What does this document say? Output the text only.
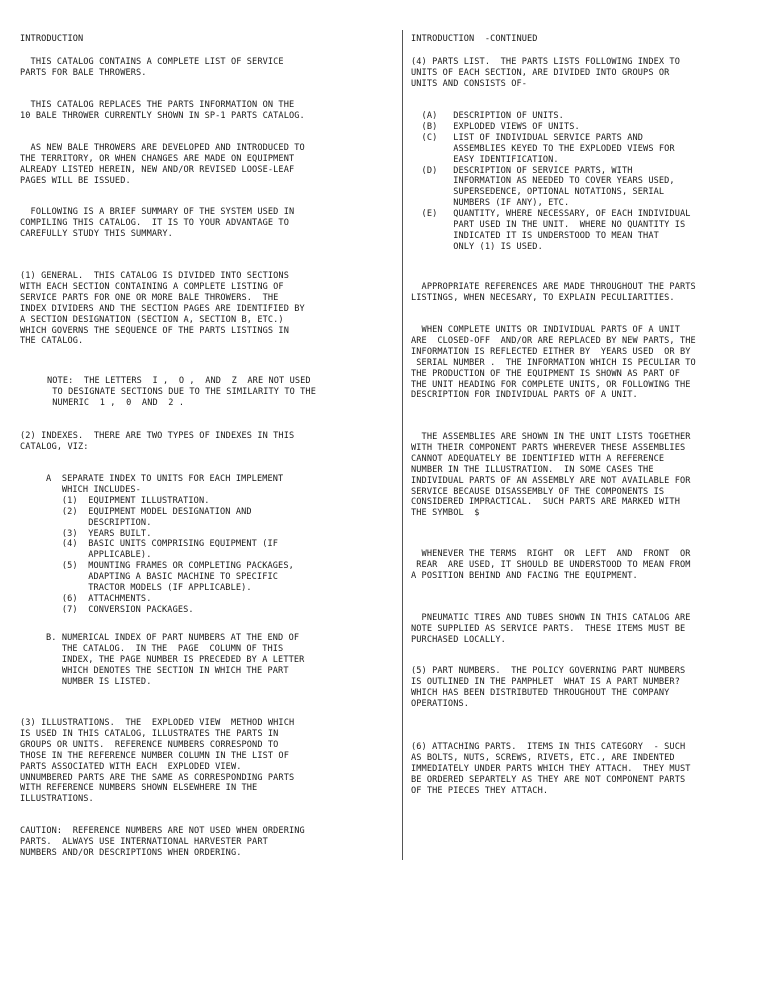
INTRODUCTION
THIS CATALOG CONTAINS A COMPLETE LIST OF SERVICE
PARTS FOR BALE THROWERS.
THIS CATALOG REPLACES THE PARTS INFORMATION ON THE
10 BALE THROWER CURRENTLY SHOWN IN SP-1 PARTS CATALOG.
AS NEW BALE THROWERS ARE DEVELOPED AND INTRODUCED TO
THE TERRITORY, OR WHEN CHANGES ARE MADE ON EQUIPMENT
ALREADY LISTED HEREIN, NEW AND/OR REVISED LOOSE-LEAF
PAGES WILL BE ISSUED.
FOLLOWING IS A BRIEF SUMMARY OF THE SYSTEM USED IN
COMPILING THIS CATALOG.  IT IS TO YOUR ADVANTAGE TO
CAREFULLY STUDY THIS SUMMARY.
(1) GENERAL.  THIS CATALOG IS DIVIDED INTO SECTIONS
WITH EACH SECTION CONTAINING A COMPLETE LISTING OF
SERVICE PARTS FOR ONE OR MORE BALE THROWERS.  THE
INDEX DIVIDERS AND THE SECTION PAGES ARE IDENTIFIED BY
A SECTION DESIGNATION (SECTION A, SECTION B, ETC.)
WHICH GOVERNS THE SEQUENCE OF THE PARTS LISTINGS IN
THE CATALOG.
NOTE:  THE LETTERS  I ,  O ,  AND  Z  ARE NOT USED
TO DESIGNATE SECTIONS DUE TO THE SIMILARITY TO THE
NUMERIC  1 ,  0  AND  2 .
(2) INDEXES.  THERE ARE TWO TYPES OF INDEXES IN THIS
CATALOG, VIZ:
A  SEPARATE INDEX TO UNITS FOR EACH IMPLEMENT
WHICH INCLUDES-
(1)  EQUIPMENT ILLUSTRATION.
(2)  EQUIPMENT MODEL DESIGNATION AND
DESCRIPTION.
(3)  YEARS BUILT.
(4)  BASIC UNITS COMPRISING EQUIPMENT (IF
APPLICABLE).
(5)  MOUNTING FRAMES OR COMPLETING PACKAGES,
ADAPTING A BASIC MACHINE TO SPECIFIC
TRACTOR MODELS (IF APPLICABLE).
(6)  ATTACHMENTS.
(7)  CONVERSION PACKAGES.
B. NUMERICAL INDEX OF PART NUMBERS AT THE END OF
THE CATALOG.  IN THE  PAGE  COLUMN OF THIS
INDEX, THE PAGE NUMBER IS PRECEDED BY A LETTER
WHICH DENOTES THE SECTION IN WHICH THE PART
NUMBER IS LISTED.
(3) ILLUSTRATIONS.  THE  EXPLODED VIEW  METHOD WHICH
IS USED IN THIS CATALOG, ILLUSTRATES THE PARTS IN
GROUPS OR UNITS.  REFERENCE NUMBERS CORRESPOND TO
THOSE IN THE REFERENCE NUMBER COLUMN IN THE LIST OF
PARTS ASSOCIATED WITH EACH  EXPLODED VIEW.
UNNUMBERED PARTS ARE THE SAME AS CORRESPONDING PARTS
WITH REFERENCE NUMBERS SHOWN ELSEWHERE IN THE
ILLUSTRATIONS.
CAUTION:  REFERENCE NUMBERS ARE NOT USED WHEN ORDERING
PARTS.  ALWAYS USE INTERNATIONAL HARVESTER PART
NUMBERS AND/OR DESCRIPTIONS WHEN ORDERING.
INTRODUCTION  -CONTINUED
(4) PARTS LIST.  THE PARTS LISTS FOLLOWING INDEX TO
UNITS OF EACH SECTION, ARE DIVIDED INTO GROUPS OR
UNITS AND CONSISTS OF-
(A)   DESCRIPTION OF UNITS.
(B)   EXPLODED VIEWS OF UNITS.
(C)   LIST OF INDIVIDUAL SERVICE PARTS AND
ASSEMBLIES KEYED TO THE EXPLODED VIEWS FOR
EASY IDENTIFICATION.
(D)   DESCRIPTION OF SERVICE PARTS, WITH
INFORMATION AS NEEDED TO COVER YEARS USED,
SUPERSEDENCE, OPTIONAL NOTATIONS, SERIAL
NUMBERS (IF ANY), ETC.
(E)   QUANTITY, WHERE NECESSARY, OF EACH INDIVIDUAL
PART USED IN THE UNIT.  WHERE NO QUANTITY IS
INDICATED IT IS UNDERSTOOD TO MEAN THAT
ONLY (1) IS USED.
APPROPRIATE REFERENCES ARE MADE THROUGHOUT THE PARTS
LISTINGS, WHEN NECESARY, TO EXPLAIN PECULIARITIES.
WHEN COMPLETE UNITS OR INDIVIDUAL PARTS OF A UNIT
ARE  CLOSED-OFF  AND/OR ARE REPLACED BY NEW PARTS, THE
INFORMATION IS REFLECTED EITHER BY  YEARS USED  OR BY
SERIAL NUMBER .  THE INFORMATION WHICH IS PECULIAR TO
THE PRODUCTION OF THE EQUIPMENT IS SHOWN AS PART OF
THE UNIT HEADING FOR COMPLETE UNITS, OR FOLLOWING THE
DESCRIPTION FOR INDIVIDUAL PARTS OF A UNIT.
THE ASSEMBLIES ARE SHOWN IN THE UNIT LISTS TOGETHER
WITH THEIR COMPONENT PARTS WHEREVER THESE ASSEMBLIES
CANNOT ADEQUATELY BE IDENTIFIED WITH A REFERENCE
NUMBER IN THE ILLUSTRATION.  IN SOME CASES THE
INDIVIDUAL PARTS OF AN ASSEMBLY ARE NOT AVAILABLE FOR
SERVICE BECAUSE DISASSEMBLY OF THE COMPONENTS IS
CONSIDERED IMPRACTICAL.  SUCH PARTS ARE MARKED WITH
THE SYMBOL  $
WHENEVER THE TERMS  RIGHT  OR  LEFT  AND  FRONT  OR
REAR  ARE USED, IT SHOULD BE UNDERSTOOD TO MEAN FROM
A POSITION BEHIND AND FACING THE EQUIPMENT.
PNEUMATIC TIRES AND TUBES SHOWN IN THIS CATALOG ARE
NOTE SUPPLIED AS SERVICE PARTS.  THESE ITEMS MUST BE
PURCHASED LOCALLY.
(5) PART NUMBERS.  THE POLICY GOVERNING PART NUMBERS
IS OUTLINED IN THE PAMPHLET  WHAT IS A PART NUMBER?
WHICH HAS BEEN DISTRIBUTED THROUGHOUT THE COMPANY
OPERATIONS.
(6) ATTACHING PARTS.  ITEMS IN THIS CATEGORY  - SUCH
AS BOLTS, NUTS, SCREWS, RIVETS, ETC., ARE INDENTED
IMMEDIATELY UNDER PARTS WHICH THEY ATTACH.  THEY MUST
BE ORDERED SEPARTELY AS THEY ARE NOT COMPONENT PARTS
OF THE PIECES THEY ATTACH.
